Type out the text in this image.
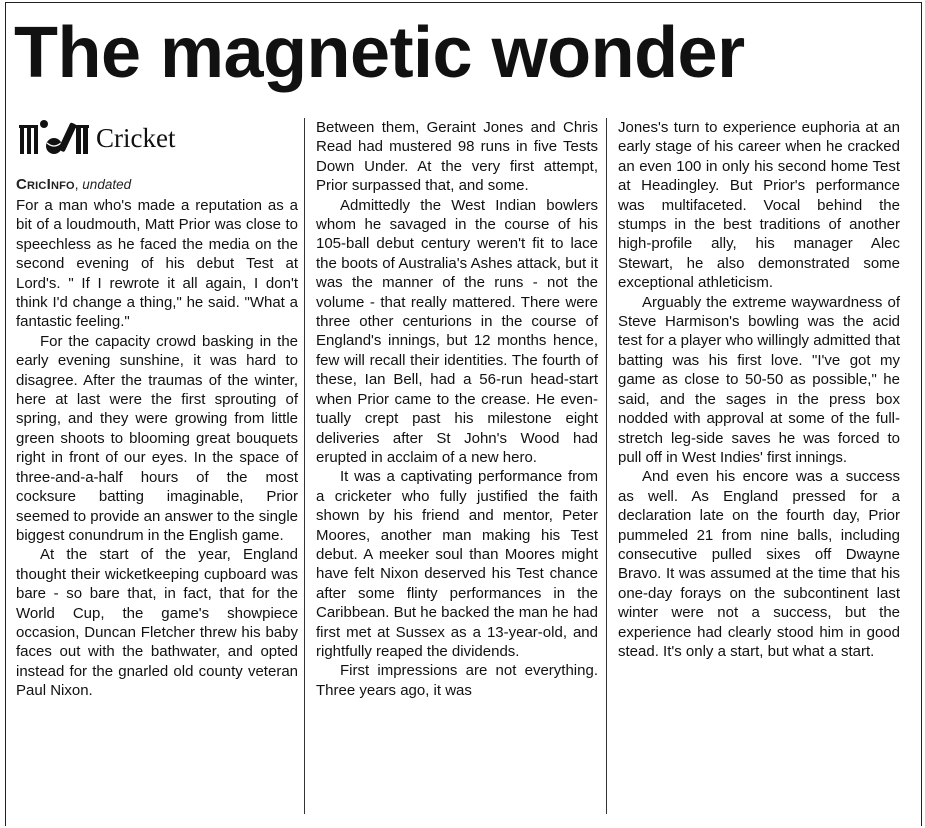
The magnetic wonder
Cricket
CricInfo, undated

For a man who's made a reputation as a bit of a loudmouth, Matt Prior was close to speechless as he faced the media on the second evening of his debut Test at Lord's. " If I rewrote it all again, I don't think I'd change a thing," he said. "What a fantastic feeling."

For the capacity crowd basking in the early evening sunshine, it was hard to disagree. After the traumas of the winter, here at last were the first sprouting of spring, and they were growing from little green shoots to blooming great bouquets right in front of our eyes. In the space of three-and-a-half hours of the most cocksure batting imaginable, Prior seemed to provide an answer to the single biggest conundrum in the English game.

At the start of the year, England thought their wicketkeeping cupboard was bare - so bare that, in fact, that for the World Cup, the game's showpiece occasion, Duncan Fletcher threw his baby faces out with the bathwater, and opted instead for the gnarled old county veteran Paul Nixon.

Between them, Geraint Jones and Chris Read had mustered 98 runs in five Tests Down Under. At the very first attempt, Prior surpassed that, and some.

Admittedly the West Indian bowlers whom he savaged in the course of his 105-ball debut century weren't fit to lace the boots of Australia's Ashes attack, but it was the manner of the runs - not the volume - that really mattered. There were three other centurions in the course of England's innings, but 12 months hence, few will recall their identities. The fourth of these, Ian Bell, had a 56-run head-start when Prior came to the crease. He eventually crept past his milestone eight deliveries after St John's Wood had erupted in acclaim of a new hero.

It was a captivating performance from a cricketer who fully justified the faith shown by his friend and mentor, Peter Moores, another man making his Test debut. A meeker soul than Moores might have felt Nixon deserved his Test chance after some flinty performances in the Caribbean. But he backed the man he had first met at Sussex as a 13-year-old, and rightfully reaped the dividends.

First impressions are not everything. Three years ago, it was

Jones's turn to experience euphoria at an early stage of his career when he cracked an even 100 in only his second home Test at Headingley. But Prior's performance was multifaceted. Vocal behind the stumps in the best traditions of another high-profile ally, his manager Alec Stewart, he also demonstrated some exceptional athleticism.

Arguably the extreme waywardness of Steve Harmison's bowling was the acid test for a player who willingly admitted that batting was his first love. "I've got my game as close to 50-50 as possible," he said, and the sages in the press box nodded with approval at some of the full-stretch leg-side saves he was forced to pull off in West Indies' first innings.

And even his encore was a success as well. As England pressed for a declaration late on the fourth day, Prior pummeled 21 from nine balls, including consecutive pulled sixes off Dwayne Bravo. It was assumed at the time that his one-day forays on the subcontinent last winter were not a success, but the experience had clearly stood him in good stead. It's only a start, but what a start.
